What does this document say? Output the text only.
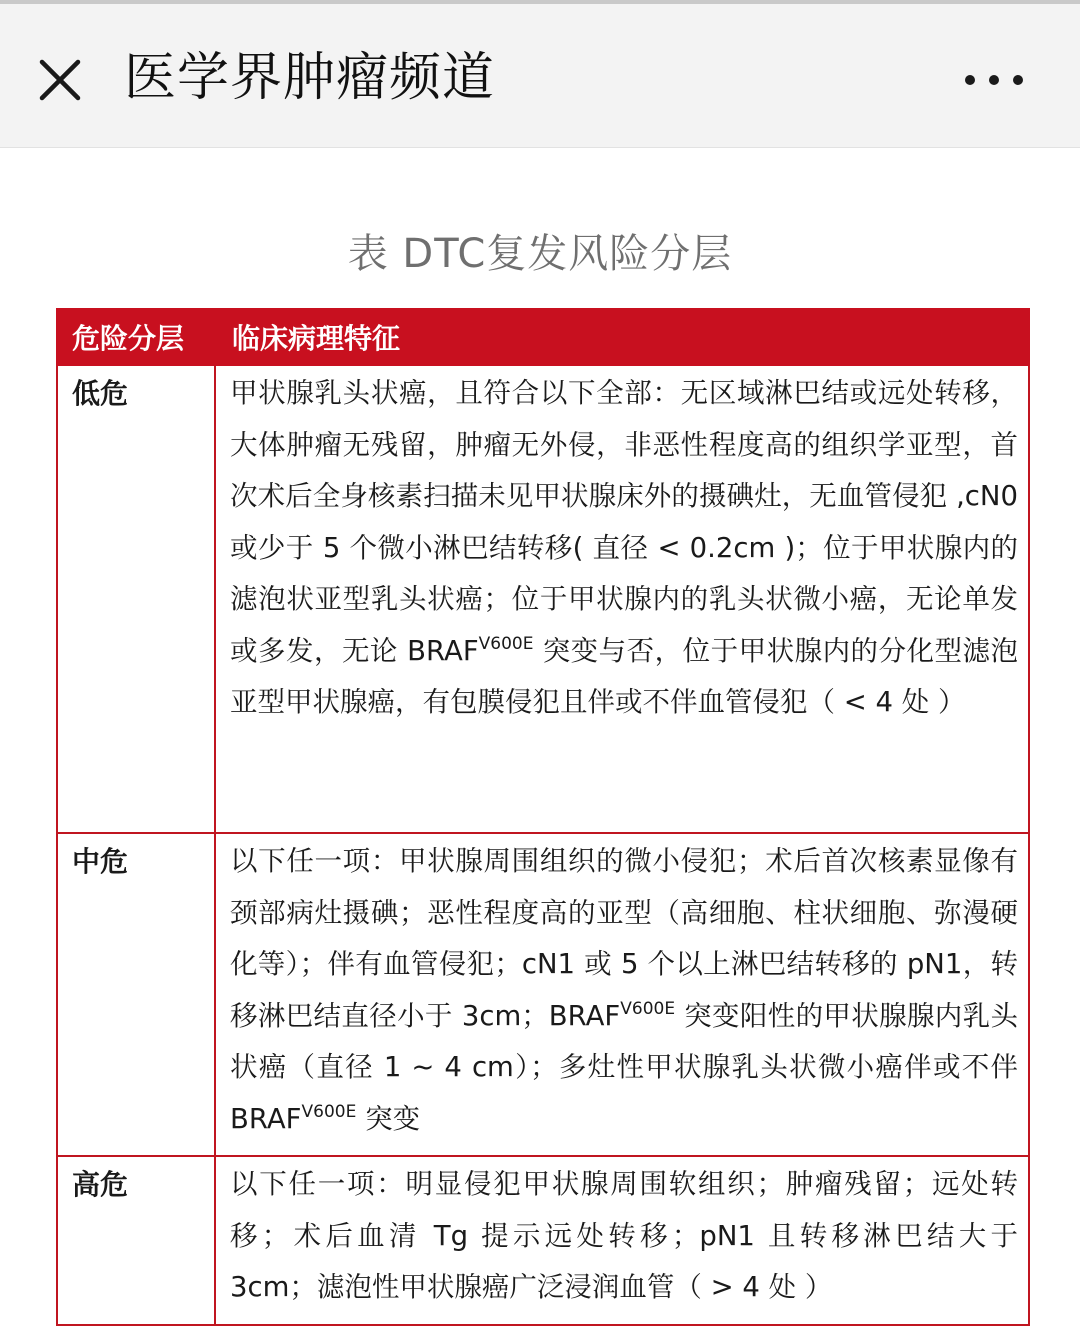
医学界肿瘤频道
表 DTC复发风险分层
危险分层	临床病理特征
低危	甲状腺乳头状癌，且符合以下全部：无区域淋巴结或远处转移，大体肿瘤无残留，肿瘤无外侵，非恶性程度高的组织学亚型，首次术后全身核素扫描未见甲状腺床外的摄碘灶，无血管侵犯 ,cN0 或少于 5 个微小淋巴结转移( 直径 < 0.2cm )；位于甲状腺内的滤泡状亚型乳头状癌；位于甲状腺内的乳头状微小癌，无论单发或多发，无论 $BRAF^{V600E}$ 突变与否，位于甲状腺内的分化型滤泡亚型甲状腺癌，有包膜侵犯且伴或不伴血管侵犯（ < 4 处 ）
中危	以下任一项：甲状腺周围组织的微小侵犯；术后首次核素显像有颈部病灶摄碘；恶性程度高的亚型（高细胞、柱状细胞、弥漫硬化等）；伴有血管侵犯；cN1 或 5 个以上淋巴结转移的 pN1，转移淋巴结直径小于 3cm；$BRAF^{V600E}$ 突变阳性的甲状腺腺内乳头状癌（直径 1 ~ 4 cm）；多灶性甲状腺乳头状微小癌伴或不伴 $BRAF^{V600E}$ 突变
高危	以下任一项：明显侵犯甲状腺周围软组织；肿瘤残留；远处转移；术后血清 Tg 提示远处转移；pN1 且转移淋巴结大于 3cm；滤泡性甲状腺癌广泛浸润血管（ > 4 处 ）
